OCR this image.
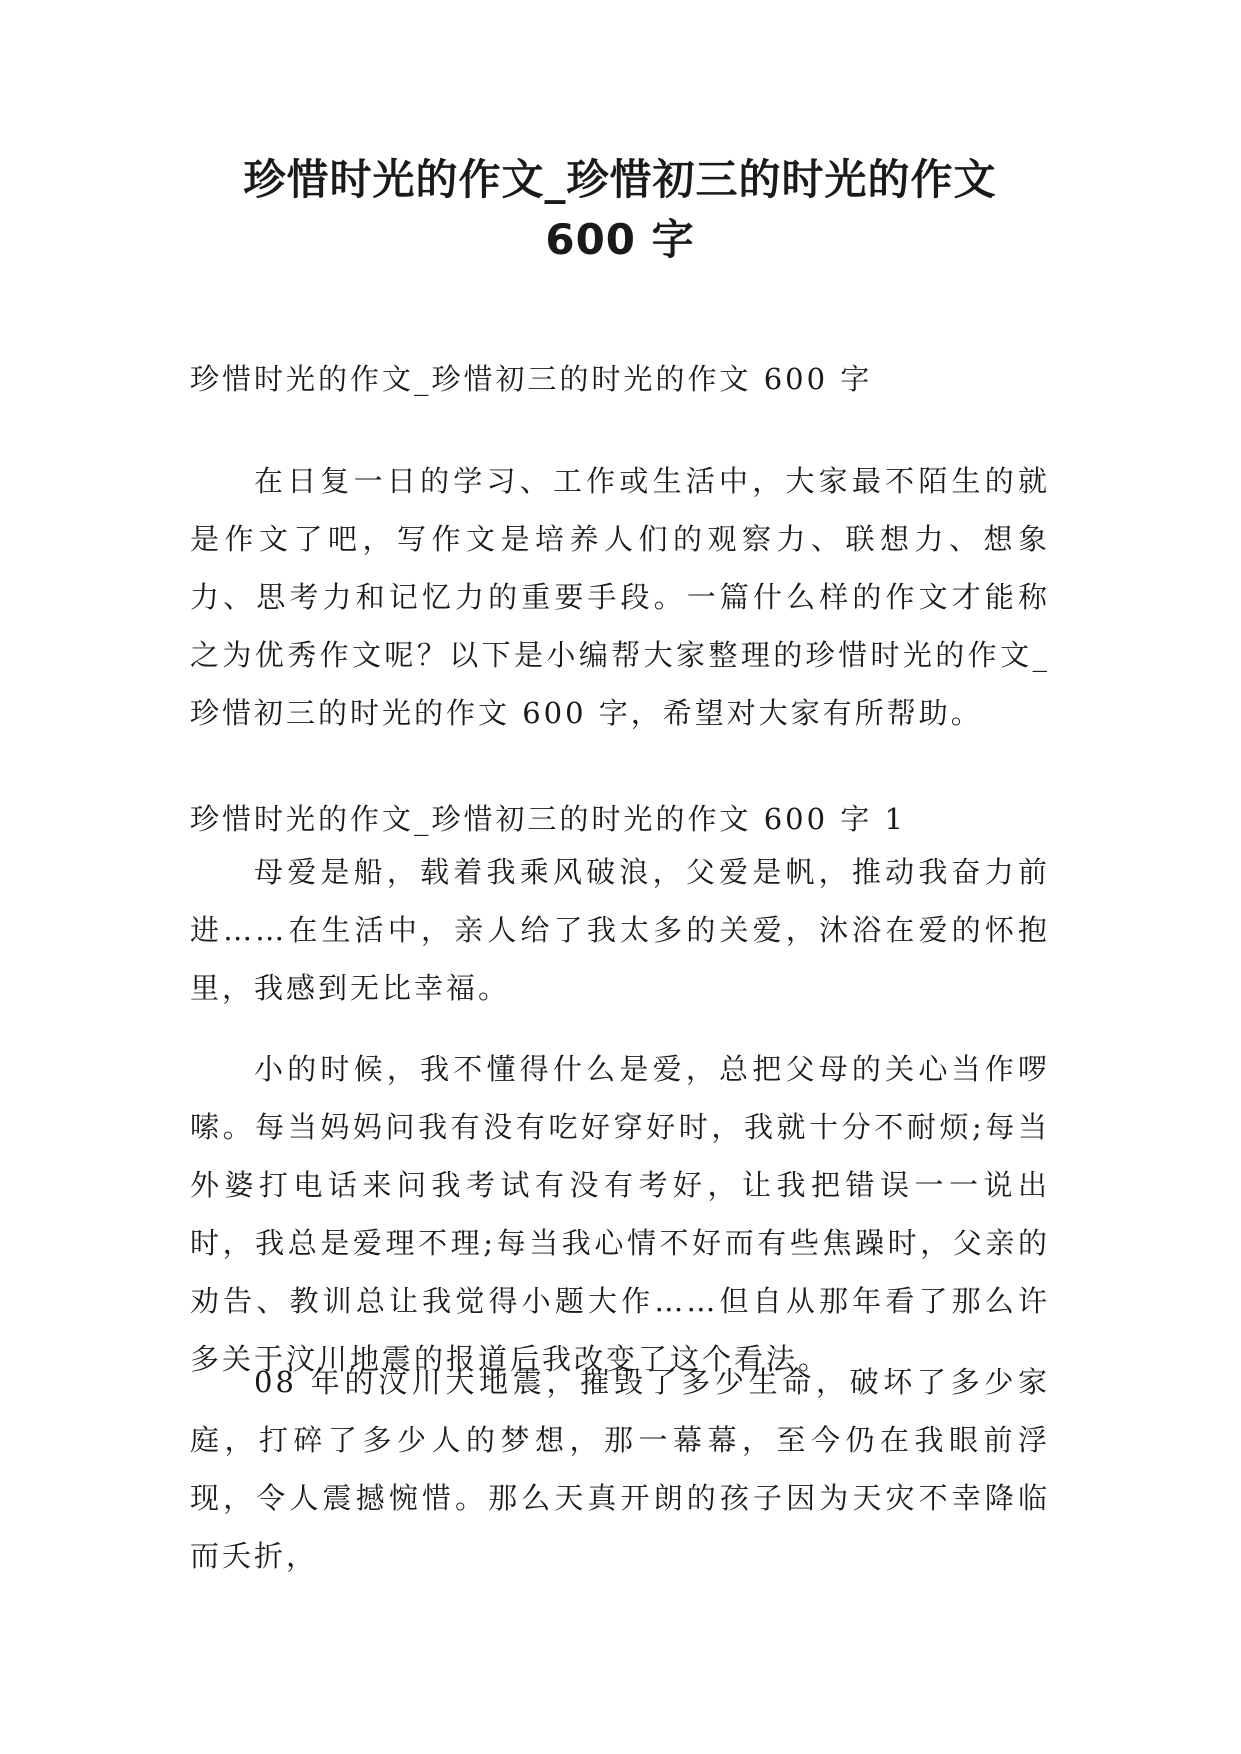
珍惜时光的作文_珍惜初三的时光的作文
600 字

珍惜时光的作文_珍惜初三的时光的作文 600 字

在日复一日的学习、工作或生活中，大家最不陌生的就是作文了吧，写作文是培养人们的观察力、联想力、想象力、思考力和记忆力的重要手段。一篇什么样的作文才能称之为优秀作文呢？以下是小编帮大家整理的珍惜时光的作文_珍惜初三的时光的作文 600 字，希望对大家有所帮助。

珍惜时光的作文_珍惜初三的时光的作文 600 字 1

母爱是船，载着我乘风破浪，父爱是帆，推动我奋力前进……在生活中，亲人给了我太多的关爱，沐浴在爱的怀抱里，我感到无比幸福。

小的时候，我不懂得什么是爱，总把父母的关心当作啰嗦。每当妈妈问我有没有吃好穿好时，我就十分不耐烦;每当外婆打电话来问我考试有没有考好，让我把错误一一说出时，我总是爱理不理;每当我心情不好而有些焦躁时，父亲的劝告、教训总让我觉得小题大作……但自从那年看了那么许多关于汶川地震的报道后我改变了这个看法。

08 年的汶川大地震，摧毁了多少生命，破坏了多少家庭，打碎了多少人的梦想，那一幕幕，至今仍在我眼前浮现，令人震撼惋惜。那么天真开朗的孩子因为天灾不幸降临而夭折，
